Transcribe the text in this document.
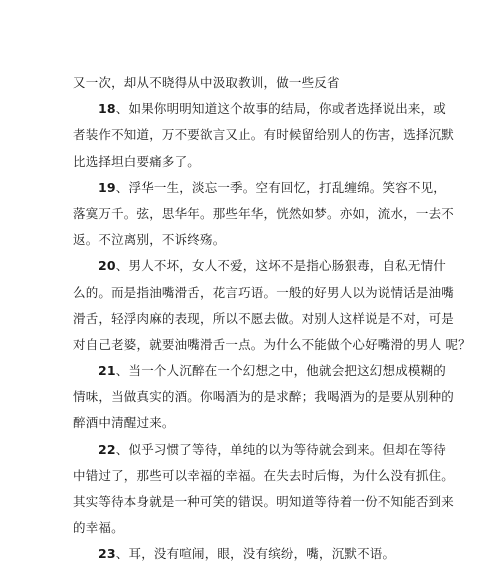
又一次，却从不晓得从中汲取教训，做一些反省
18、如果你明明知道这个故事的结局，你或者选择说出来，或
者装作不知道，万不要欲言又止。有时候留给别人的伤害，选择沉默
比选择坦白要痛多了。
19、浮华一生，淡忘一季。空有回忆，打乱缠绵。笑容不见，
落寞万千。弦，思华年。那些年华，恍然如梦。亦如，流水，一去不
返。不泣离别，不诉终殇。
20、男人不坏，女人不爱，这坏不是指心肠狠毒，自私无情什
么的。而是指油嘴滑舌，花言巧语。一般的好男人以为说情话是油嘴
滑舌，轻浮肉麻的表现，所以不愿去做。对别人这样说是不对，可是
对自己老婆，就要油嘴滑舌一点。为什么不能做个心好嘴滑的男人 呢？
21、当一个人沉醉在一个幻想之中，他就会把这幻想成模糊的
情味，当做真实的酒。你喝酒为的是求醉；我喝酒为的是要从别种的
醉酒中清醒过来。
22、似乎习惯了等待，单纯的以为等待就会到来。但却在等待
中错过了，那些可以幸福的幸福。在失去时后悔，为什么没有抓住。
其实等待本身就是一种可笑的错误。明知道等待着一份不知能否到来
的幸福。
23、耳，没有喧闹，眼，没有缤纷，嘴，沉默不语。
